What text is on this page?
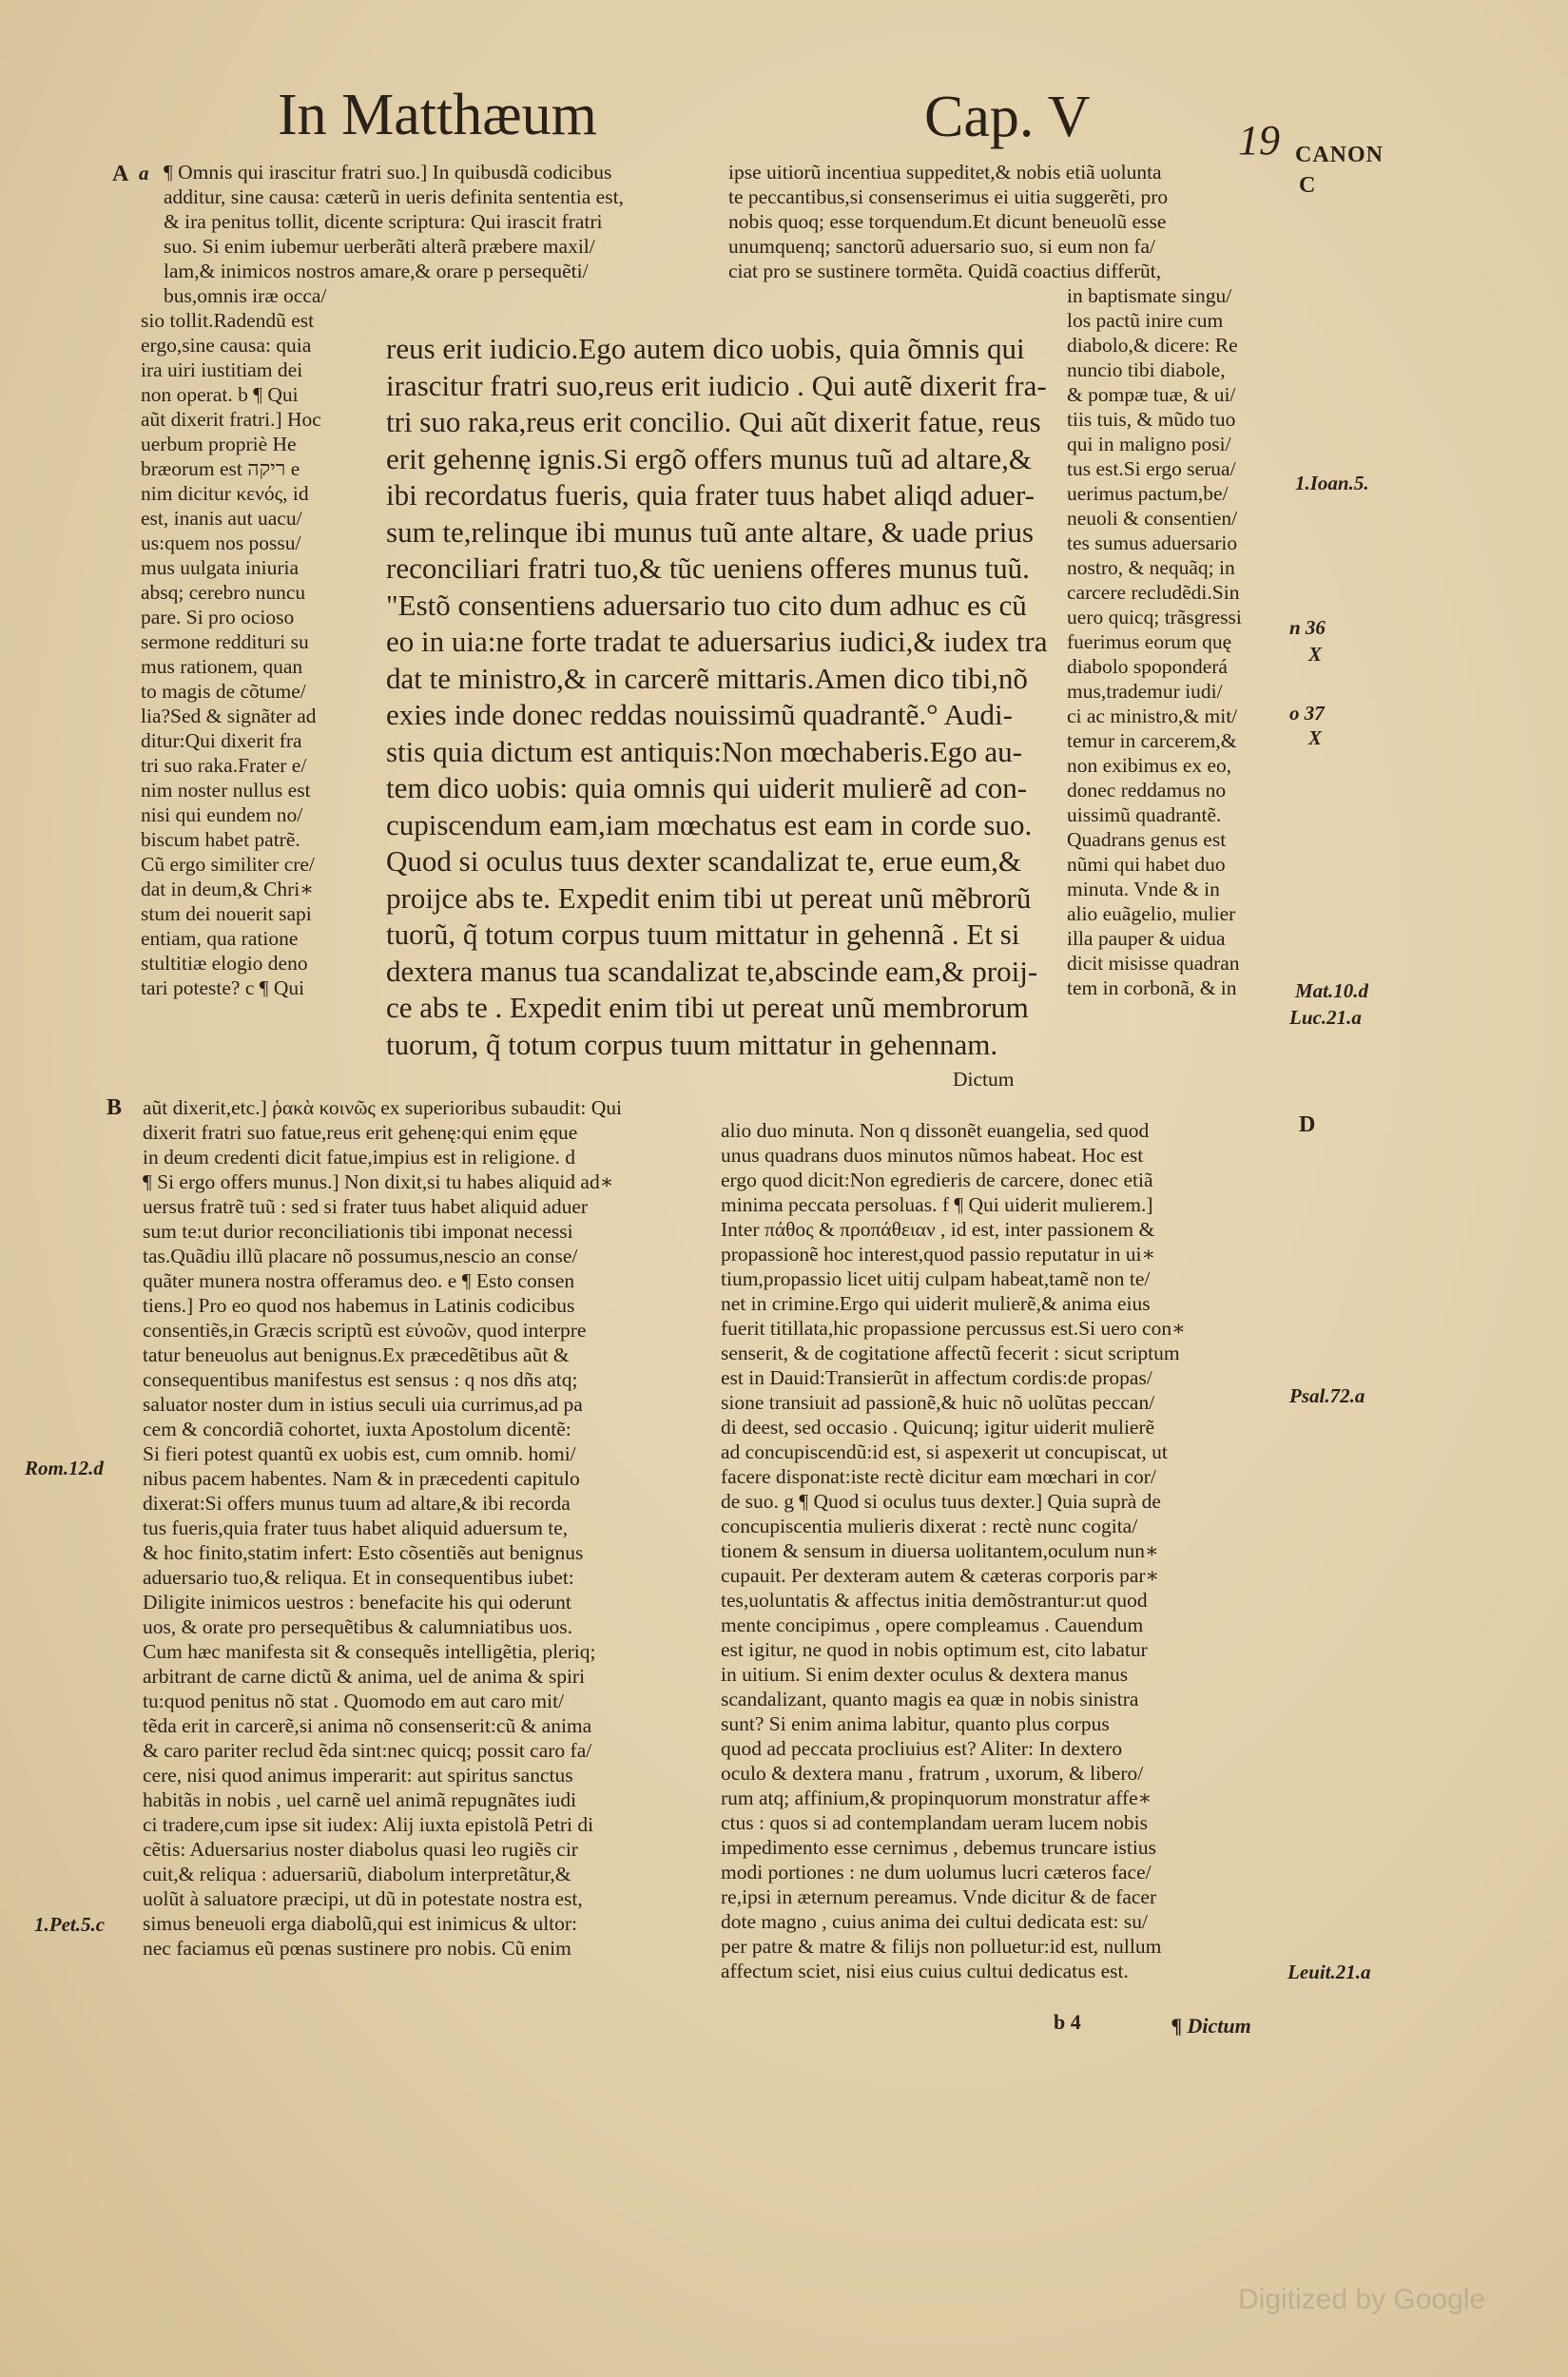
In Matthæum	Cap. V	19 CANON
A a	C
B
D
¶ Omnis qui irascitur fratri suo.] In quibusdã codicibus
additur, sine causa: cæterũ in ueris definita sententia est,
& ira penitus tollit, dicente scriptura: Qui irascit fratri
suo. Si enim iubemur uerberãti alterã præbere maxil/
lam,& inimicos nostros amare,& orare p persequẽti/
bus,omnis iræ occa/
sio tollit.Radendũ est
ergo,sine causa: quia
ira uiri iustitiam dei
non operat. b ¶ Qui
aũt dixerit fratri.] Hoc
uerbum propriè He
bræorum est ריקה e
nim dicitur κενός, id
est, inanis aut uacu/
us:quem nos possu/
mus uulgata iniuria
absq; cerebro nuncu
pare. Si pro ocioso
sermone reddituri su
mus rationem, quan
to magis de cõtume/
lia?Sed & signãter ad
ditur:Qui dixerit fra
tri suo raka.Frater e/
nim noster nullus est
nisi qui eundem no/
biscum habet patrẽ.
Cũ ergo similiter cre/
dat in deum,& Chri∗
stum dei nouerit sapi
entiam, qua ratione
stultitiæ elogio deno
tari poteste? c ¶ Qui
ipse uitiorũ incentiua suppeditet,& nobis etiã uolunta
te peccantibus,si consenserimus ei uitia suggerẽti, pro
nobis quoq; esse torquendum.Et dicunt beneuolũ esse
unumquenq; sanctorũ aduersario suo, si eum non fa/
ciat pro se sustinere tormẽta. Quidã coactius differũt,
in baptismate singu/
los pactũ inire cum
diabolo,& dicere: Re
nuncio tibi diabole,
& pompæ tuæ, & ui/
tiis tuis, & mũdo tuo
qui in maligno posi/
tus est.Si ergo serua/
uerimus pactum,be/
neuoli & consentien/
tes sumus aduersario
nostro, & nequãq; in
carcere recludẽdi.Sin
uero quicq; trãsgressi
fuerimus eorum quę
diabolo spoponderá
mus,trademur iudi/
ci ac ministro,& mit/
temur in carcerem,&
non exibimus ex eo,
donec reddamus no
uissimũ quadrantẽ.
Quadrans genus est
nũmi qui habet duo
minuta. Vnde & in
alio euãgelio, mulier
illa pauper & uidua
dicit misisse quadran
tem in corbonã, & in
reus erit iudicio.Ego autem dico uobis, quia õmnis qui
irascitur fratri suo,reus erit iudicio . Qui autẽ dixerit fra-
tri suo raka,reus erit concilio. Qui aũt dixerit fatue, reus
erit gehennę ignis.Si ergõ offers munus tuũ ad altare,&
ibi recordatus fueris, quia frater tuus habet aliqd aduer-
sum te,relinque ibi munus tuũ ante altare, & uade prius
reconciliari fratri tuo,& tũc ueniens offeres munus tuũ.
"Estõ consentiens aduersario tuo cito dum adhuc es cũ
eo in uia:ne forte tradat te aduersarius iudici,& iudex tra
dat te ministro,& in carcerẽ mittaris.Amen dico tibi,nõ
exies inde donec reddas nouissimũ quadrantẽ.° Audi-
stis quia dictum est antiquis:Non mœchaberis.Ego au-
tem dico uobis: quia omnis qui uiderit mulierẽ ad con-
cupiscendum eam,iam mœchatus est eam in corde suo.
Quod si oculus tuus dexter scandalizat te, erue eum,&
proijce abs te. Expedit enim tibi ut pereat unũ mẽbrorũ
tuorũ, q̃ totum corpus tuum mittatur in gehennã . Et si
dextera manus tua scandalizat te,abscinde eam,& proij-
ce abs te . Expedit enim tibi ut pereat unũ membrorum
tuorum, q̃ totum corpus tuum mittatur in gehennam.
Dictum
aũt dixerit,etc.] ῥακὰ κοινῶς ex superioribus subaudit: Qui
dixerit fratri suo fatue,reus erit gehenę:qui enim ęque
in deum credenti dicit fatue,impius est in religione. d
¶ Si ergo offers munus.] Non dixit,si tu habes aliquid ad∗
uersus fratrẽ tuũ : sed si frater tuus habet aliquid aduer
sum te:ut durior reconciliationis tibi imponat necessi
tas.Quãdiu illũ placare nõ possumus,nescio an conse/
quãter munera nostra offeramus deo. e ¶ Esto consen
tiens.] Pro eo quod nos habemus in Latinis codicibus
consentiẽs,in Græcis scriptũ est εὐνοῶν, quod interpre
tatur beneuolus aut benignus.Ex præcedẽtibus aũt &
consequentibus manifestus est sensus : q nos dñs atq;
saluator noster dum in istius seculi uia currimus,ad pa
cem & concordiã cohortet, iuxta Apostolum dicentẽ:
Si fieri potest quantũ ex uobis est, cum omnib. homi/
nibus pacem habentes. Nam & in præcedenti capitulo
dixerat:Si offers munus tuum ad altare,& ibi recorda
tus fueris,quia frater tuus habet aliquid aduersum te,
& hoc finito,statim infert: Esto cõsentiẽs aut benignus
aduersario tuo,& reliqua. Et in consequentibus iubet:
Diligite inimicos uestros : benefacite his qui oderunt
uos, & orate pro persequẽtibus & calumniatibus uos.
Cum hæc manifesta sit & consequẽs intelligẽtia, pleriq;
arbitrant de carne dictũ & anima, uel de anima & spiri
tu:quod penitus nõ stat . Quomodo em aut caro mit/
tẽda erit in carcerẽ,si anima nõ consenserit:cũ & anima
& caro pariter reclud ẽda sint:nec quicq; possit caro fa/
cere, nisi quod animus imperarit: aut spiritus sanctus
habitãs in nobis , uel carnẽ uel animã repugnãtes iudi
ci tradere,cum ipse sit iudex: Alij iuxta epistolã Petri di
cẽtis: Aduersarius noster diabolus quasi leo rugiẽs cir
cuit,& reliqua : aduersariũ, diabolum interpretãtur,&
uolũt à saluatore præcipi, ut dũ in potestate nostra est,
simus beneuoli erga diabolũ,qui est inimicus & ultor:
nec faciamus eũ pœnas sustinere pro nobis. Cũ enim
alio duo minuta. Non q dissonẽt euangelia, sed quod
unus quadrans duos minutos nũmos habeat. Hoc est
ergo quod dicit:Non egredieris de carcere, donec etiã
minima peccata persoluas. f ¶ Qui uiderit mulierem.]
Inter πάθος & προπάθειαν , id est, inter passionem &
propassionẽ hoc interest,quod passio reputatur in ui∗
tium,propassio licet uitij culpam habeat,tamẽ non te/
net in crimine.Ergo qui uiderit mulierẽ,& anima eius
fuerit titillata,hic propassione percussus est.Si uero con∗
senserit, & de cogitatione affectũ fecerit : sicut scriptum
est in Dauid:Transierũt in affectum cordis:de propas/
sione transiuit ad passionẽ,& huic nõ uolũtas peccan/
di deest, sed occasio . Quicunq; igitur uiderit mulierẽ
ad concupiscendũ:id est, si aspexerit ut concupiscat, ut
facere disponat:iste rectè dicitur eam mœchari in cor/
de suo. g ¶ Quod si oculus tuus dexter.] Quia suprà de
concupiscentia mulieris dixerat : rectè nunc cogita/
tionem & sensum in diuersa uolitantem,oculum nun∗
cupauit. Per dexteram autem & cæteras corporis par∗
tes,uoluntatis & affectus initia demõstrantur:ut quod
mente concipimus , opere compleamus . Cauendum
est igitur, ne quod in nobis optimum est, cito labatur
in uitium. Si enim dexter oculus & dextera manus
scandalizant, quanto magis ea quæ in nobis sinistra
sunt? Si enim anima labitur, quanto plus corpus
quod ad peccata procliuius est? Aliter: In dextero
oculo & dextera manu , fratrum , uxorum, & libero/
rum atq; affinium,& propinquorum monstratur affe∗
ctus : quos si ad contemplandam ueram lucem nobis
impedimento esse cernimus , debemus truncare istius
modi portiones : ne dum uolumus lucri cæteros face/
re,ipsi in æternum pereamus. Vnde dicitur & de facer
dote magno , cuius anima dei cultui dedicata est: su/
per patre & matre & filijs non polluetur:id est, nullum
affectum sciet, nisi eius cuius cultui dedicatus est.
1.Ioan.5.
n 36
X
o 37
X
Mat.10.d
Luc.21.a
Psal.72.a
Rom.12.d
1.Pet.5.c
Leuit.21.a
b 4	¶ Dictum
Digitized by Google
